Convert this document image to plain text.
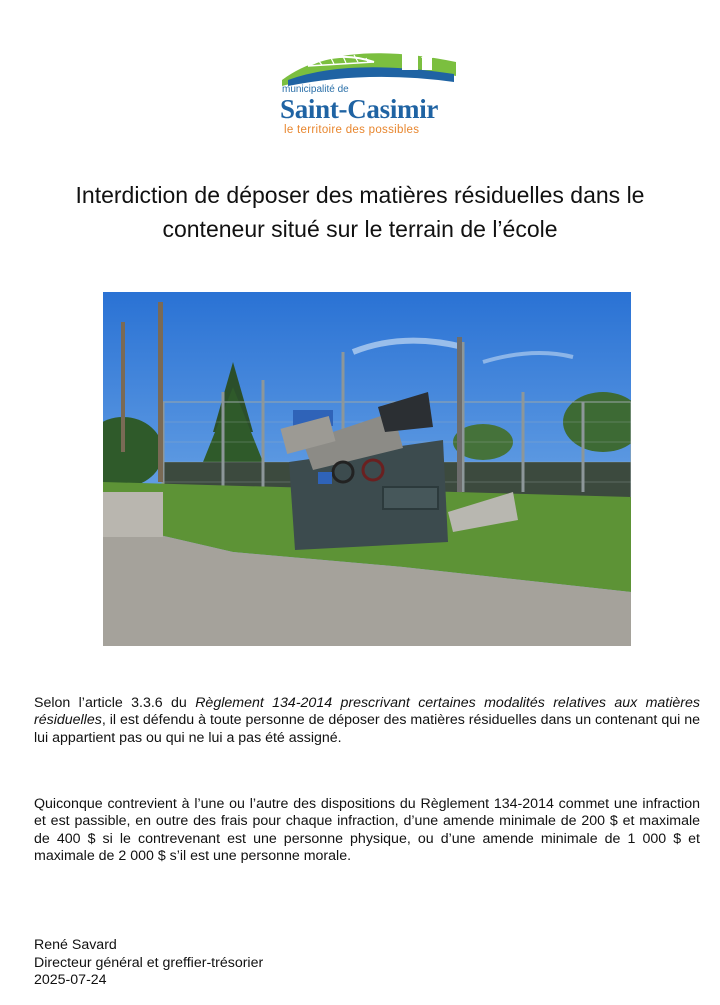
municipalité de
Saint-Casimir
le territoire des possibles
Interdiction de déposer des matières résiduelles dans le
conteneur situé sur le terrain de l’école
Selon l’article 3.3.6 du Règlement 134-2014 prescrivant certaines modalités relatives aux matières résiduelles, il est défendu à toute personne de déposer des matières résiduelles dans un contenant qui ne lui appartient pas ou qui ne lui a pas été assigné.
Quiconque contrevient à l’une ou l’autre des dispositions du Règlement 134-2014 commet une infraction et est passible, en outre des frais pour chaque infraction, d’une amende minimale de 200 $ et maximale de 400 $ si le contrevenant est une personne physique, ou d’une amende minimale de 1 000 $ et maximale de 2 000 $ s’il est une personne morale.
René Savard
Directeur général et greffier-trésorier
2025-07-24
